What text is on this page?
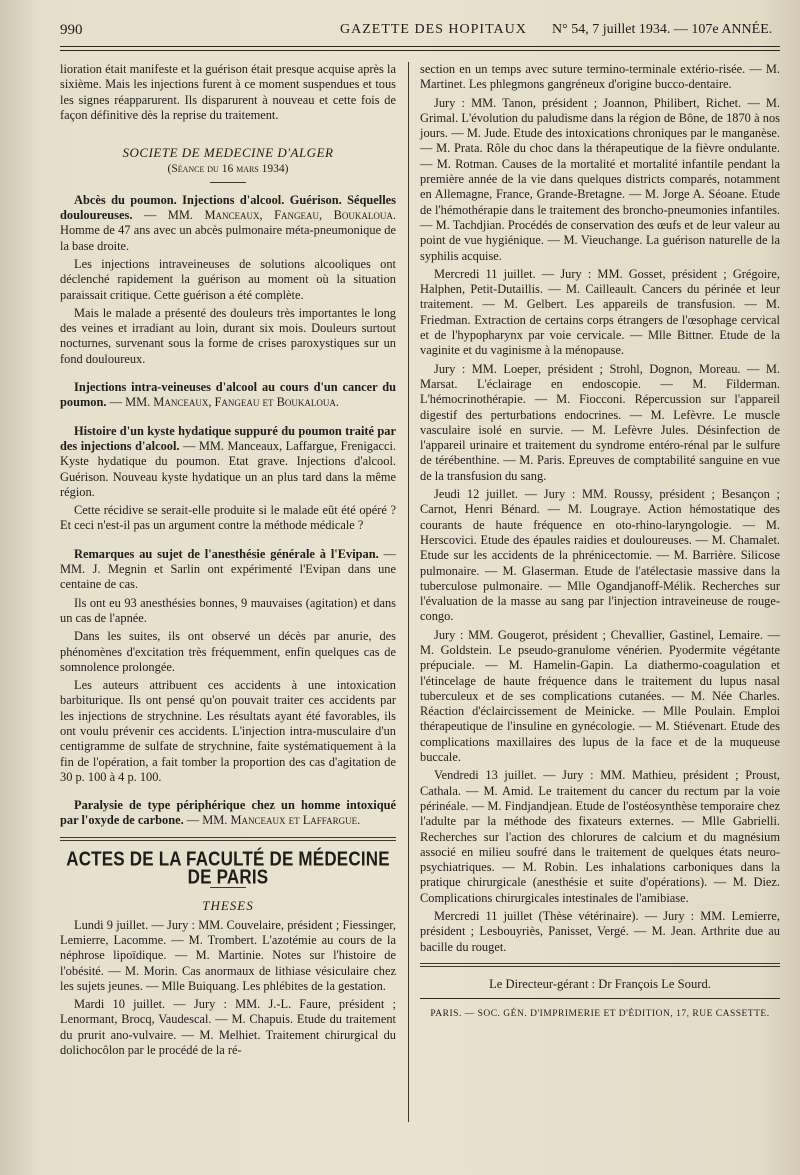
990	GAZETTE DES HOPITAUX N° 54, 7 juillet 1934. — 107e ANNÉE.

lioration était manifeste et la guérison était presque acquise après la sixième. Mais les injections furent à ce moment suspendues et tous les signes réapparurent. Ils disparurent à nouveau et cette fois de façon définitive dès la reprise du traitement.

SOCIETE DE MEDECINE D'ALGER
(Séance du 16 mars 1934)

Abcès du poumon. Injections d'alcool. Guérison. Séquelles douloureuses. — MM. Manceaux, Fangeau, Boukaloua. Homme de 47 ans avec un abcès pulmonaire méta-pneumonique de la base droite.

Les injections intraveineuses de solutions alcooliques ont déclenché rapidement la guérison au moment où la situation paraissait critique. Cette guérison a été complète.

Mais le malade a présenté des douleurs très importantes le long des veines et irradiant au loin, durant six mois. Douleurs surtout nocturnes, survenant sous la forme de crises paroxystiques sur un fond douloureux.

Injections intra-veineuses d'alcool au cours d'un cancer du poumon. — MM. Manceaux, Fangeau et Boukaloua.

Histoire d'un kyste hydatique suppuré du poumon traité par des injections d'alcool. — MM. Manceaux, Laffargue, Frenigacci. Kyste hydatique du poumon. Etat grave. Injections d'alcool. Guérison. Nouveau kyste hydatique un an plus tard dans la même région.

Cette récidive se serait-elle produite si le malade eût été opéré ? Et ceci n'est-il pas un argument contre la méthode médicale ?

Remarques au sujet de l'anesthésie générale à l'Evipan. — MM. J. Megnin et Sarlin ont expérimenté l'Evipan dans une centaine de cas.

Ils ont eu 93 anesthésies bonnes, 9 mauvaises (agitation) et dans un cas de l'apnée.

Dans les suites, ils ont observé un décès par anurie, des phénomènes d'excitation très fréquemment, enfin quelques cas de somnolence prolongée.

Les auteurs attribuent ces accidents à une intoxication barbiturique. Ils ont pensé qu'on pouvait traiter ces accidents par les injections de strychnine. Les résultats ayant été favorables, ils ont voulu prévenir ces accidents. L'injection intra-musculaire d'un centigramme de sulfate de strychnine, faite systématiquement à la fin de l'opération, a fait tomber la proportion des cas d'agitation de 30 p. 100 à 4 p. 100.

Paralysie de type périphérique chez un homme intoxiqué par l'oxyde de carbone. — MM. Manceaux et Laffargue.

ACTES DE LA FACULTÉ DE MÉDECINE DE PARIS
THESES

Lundi 9 juillet. — Jury : MM. Couvelaire, président ; Fiessinger, Lemierre, Lacomme. — M. Trombert. L'azotémie au cours de la néphrose lipoïdique. — M. Martinie. Notes sur l'histoire de l'obésité. — M. Morin. Cas anormaux de lithiase vésiculaire chez les sujets jeunes. — Mlle Buiquang. Les phlébites de la gestation.

Mardi 10 juillet. — Jury : MM. J.-L. Faure, président ; Lenormant, Brocq, Vaudescal. — M. Chapuis. Etude du traitement du prurit ano-vulvaire. — M. Melhiet. Traitement chirurgical du dolichocôlon par le procédé de la ré-

section en un temps avec suture termino-terminale extério-risée. — M. Martinet. Les phlegmons gangréneux d'origine bucco-dentaire.

Jury : MM. Tanon, président ; Joannon, Philibert, Richet. — M. Grimal. L'évolution du paludisme dans la région de Bône, de 1870 à nos jours. — M. Jude. Etude des intoxications chroniques par le manganèse. — M. Prata. Rôle du choc dans la thérapeutique de la fièvre ondulante. — M. Rotman. Causes de la mortalité et mortalité infantile pendant la première année de la vie dans quelques districts comparés, notamment en Allemagne, France, Grande-Bretagne. — M. Jorge A. Séoane. Etude de l'hémothérapie dans le traitement des broncho-pneumonies infantiles. — M. Tachdjian. Procédés de conservation des œufs et de leur valeur au point de vue hygiénique. — M. Vieuchange. La guérison naturelle de la syphilis acquise.

Mercredi 11 juillet. — Jury : MM. Gosset, président ; Grégoire, Halphen, Petit-Dutaillis. — M. Cailleault. Cancers du périnée et leur traitement. — M. Gelbert. Les appareils de transfusion. — M. Friedman. Extraction de certains corps étrangers de l'œsophage cervical et de l'hypopharynx par voie cervicale. — Mlle Bittner. Etude de la vaginite et du vaginisme à la ménopause.

Jury : MM. Loeper, président ; Strohl, Dognon, Moreau. — M. Marsat. L'éclairage en endoscopie. — M. Filderman. L'hémocrinothérapie. — M. Fiocconi. Répercussion sur l'appareil digestif des perturbations endocrines. — M. Lefèvre. Le muscle vasculaire isolé en survie. — M. Lefèvre Jules. Désinfection de l'appareil urinaire et traitement du syndrome entéro-rénal par le sulfure de térébenthine. — M. Paris. Epreuves de comptabilité sanguine en vue de la transfusion du sang.

Jeudi 12 juillet. — Jury : MM. Roussy, président ; Besançon ; Carnot, Henri Bénard. — M. Lougraye. Action hémostatique des courants de haute fréquence en oto-rhino-laryngologie. — M. Herscovici. Etude des épaules raidies et douloureuses. — M. Chamalet. Etude sur les accidents de la phrénicectomie. — M. Barrière. Silicose pulmonaire. — M. Glaserman. Etude de l'atélectasie massive dans la tuberculose pulmonaire. — Mlle Ogandjanoff-Mélik. Recherches sur l'évaluation de la masse au sang par l'injection intraveineuse de rouge-congo.

Jury : MM. Gougerot, président ; Chevallier, Gastinel, Lemaire. — M. Goldstein. Le pseudo-granulome vénérien. Pyodermite végétante prépuciale. — M. Hamelin-Gapin. La diathermo-coagulation et l'étincelage de haute fréquence dans le traitement du lupus nasal tuberculeux et de ses complications cutanées. — M. Née Charles. Réaction d'éclaircissement de Meinicke. — Mlle Poulain. Emploi thérapeutique de l'insuline en gynécologie. — M. Stiévenart. Etude des complications maxillaires des lupus de la face et de la muqueuse buccale.

Vendredi 13 juillet. — Jury : MM. Mathieu, président ; Proust, Cathala. — M. Amid. Le traitement du cancer du rectum par la voie périnéale. — M. Findjandjean. Etude de l'ostéosynthèse temporaire chez l'adulte par la méthode des fixateurs externes. — Mlle Gabrielli. Recherches sur l'action des chlorures de calcium et du magnésium associé en milieu soufré dans le traitement de quelques états neuro-psychiatriques. — M. Robin. Les inhalations carboniques dans la pratique chirurgicale (anesthésie et suite d'opérations). — M. Diez. Complications chirurgicales intestinales de l'amibiase.

Mercredi 11 juillet (Thèse vétérinaire). — Jury : MM. Lemierre, président ; Lesbouyriès, Panisset, Vergé. — M. Jean. Arthrite due au bacille du rouget.

Le Directeur-gérant : Dr François Le Sourd.
PARIS. — SOC. GÉN. D'IMPRIMERIE ET D'ÉDITION, 17, RUE CASSETTE.
